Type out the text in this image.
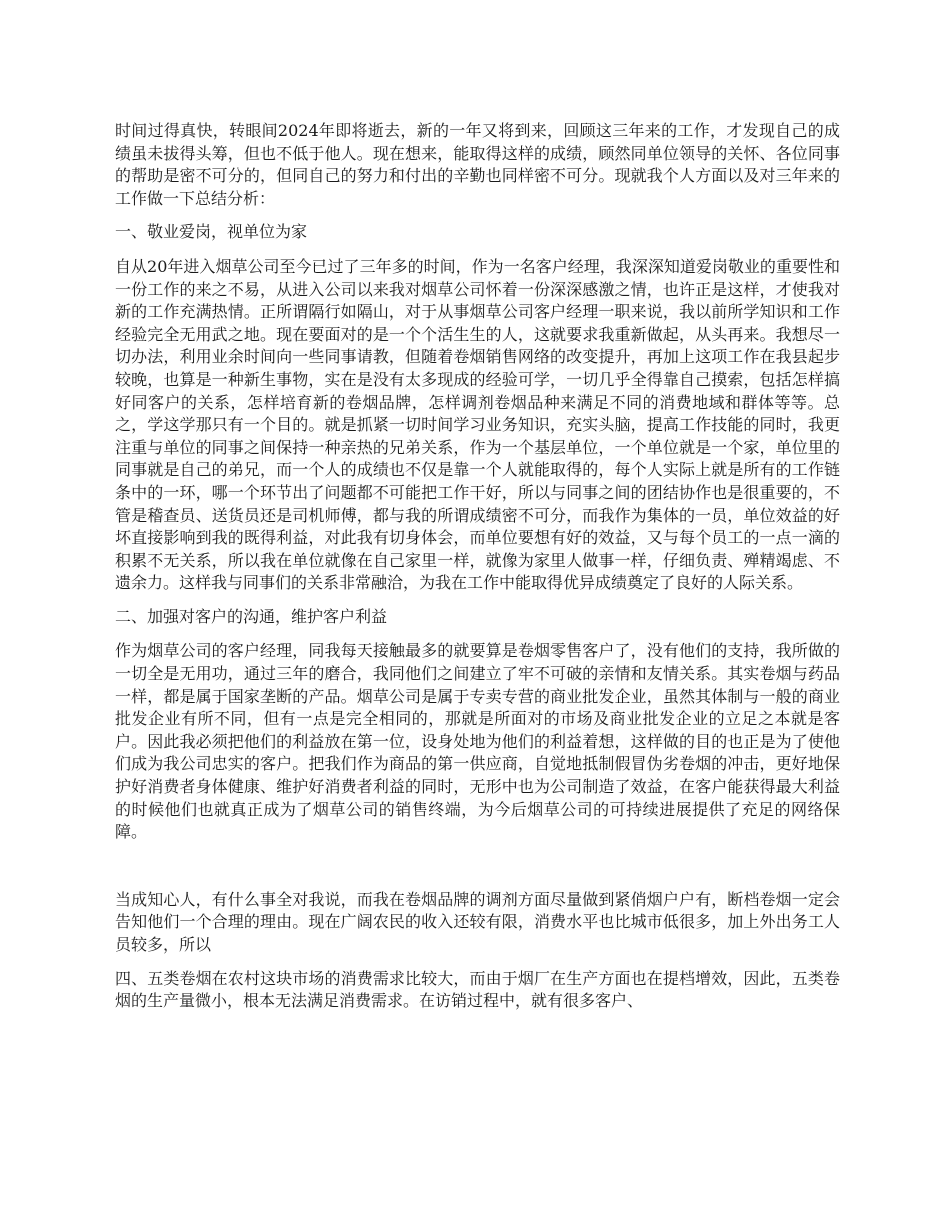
时间过得真快，转眼间2024年即将逝去，新的一年又将到来，回顾这三年来的工作，才发现自己的成绩虽未拔得头筹，但也不低于他人。现在想来，能取得这样的成绩，顾然同单位领导的关怀、各位同事的帮助是密不可分的，但同自己的努力和付出的辛勤也同样密不可分。现就我个人方面以及对三年来的工作做一下总结分析：

一、敬业爱岗，视单位为家

自从20年进入烟草公司至今已过了三年多的时间，作为一名客户经理，我深深知道爱岗敬业的重要性和一份工作的来之不易，从进入公司以来我对烟草公司怀着一份深深感激之情，也许正是这样，才使我对新的工作充满热情。正所谓隔行如隔山，对于从事烟草公司客户经理一职来说，我以前所学知识和工作经验完全无用武之地。现在要面对的是一个个活生生的人，这就要求我重新做起，从头再来。我想尽一切办法，利用业余时间向一些同事请教，但随着卷烟销售网络的改变提升，再加上这项工作在我县起步较晚，也算是一种新生事物，实在是没有太多现成的经验可学，一切几乎全得靠自己摸索，包括怎样搞好同客户的关系，怎样培育新的卷烟品牌，怎样调剂卷烟品种来满足不同的消费地域和群体等等。总之，学这学那只有一个目的。就是抓紧一切时间学习业务知识，充实头脑，提高工作技能的同时，我更注重与单位的同事之间保持一种亲热的兄弟关系，作为一个基层单位，一个单位就是一个家，单位里的同事就是自己的弟兄，而一个人的成绩也不仅是靠一个人就能取得的，每个人实际上就是所有的工作链条中的一环，哪一个环节出了问题都不可能把工作干好，所以与同事之间的团结协作也是很重要的，不管是稽查员、送货员还是司机师傅，都与我的所谓成绩密不可分，而我作为集体的一员，单位效益的好坏直接影响到我的既得利益，对此我有切身体会，而单位要想有好的效益，又与每个员工的一点一滴的积累不无关系，所以我在单位就像在自己家里一样，就像为家里人做事一样，仔细负责、殚精竭虑、不遗余力。这样我与同事们的关系非常融洽，为我在工作中能取得优异成绩奠定了良好的人际关系。

二、加强对客户的沟通，维护客户利益

作为烟草公司的客户经理，同我每天接触最多的就要算是卷烟零售客户了，没有他们的支持，我所做的一切全是无用功，通过三年的磨合，我同他们之间建立了牢不可破的亲情和友情关系。其实卷烟与药品一样，都是属于国家垄断的产品。烟草公司是属于专卖专营的商业批发企业，虽然其体制与一般的商业批发企业有所不同，但有一点是完全相同的，那就是所面对的市场及商业批发企业的立足之本就是客户。因此我必须把他们的利益放在第一位，设身处地为他们的利益着想，这样做的目的也正是为了使他们成为我公司忠实的客户。把我们作为商品的第一供应商，自觉地抵制假冒伪劣卷烟的冲击，更好地保护好消费者身体健康、维护好消费者利益的同时，无形中也为公司制造了效益，在客户能获得最大利益的时候他们也就真正成为了烟草公司的销售终端，为今后烟草公司的可持续进展提供了充足的网络保障。

当成知心人，有什么事全对我说，而我在卷烟品牌的调剂方面尽量做到紧俏烟户户有，断档卷烟一定会告知他们一个合理的理由。现在广阔农民的收入还较有限，消费水平也比城市低很多，加上外出务工人员较多，所以

四、五类卷烟在农村这块市场的消费需求比较大，而由于烟厂在生产方面也在提档增效，因此，五类卷烟的生产量微小，根本无法满足消费需求。在访销过程中，就有很多客户、
